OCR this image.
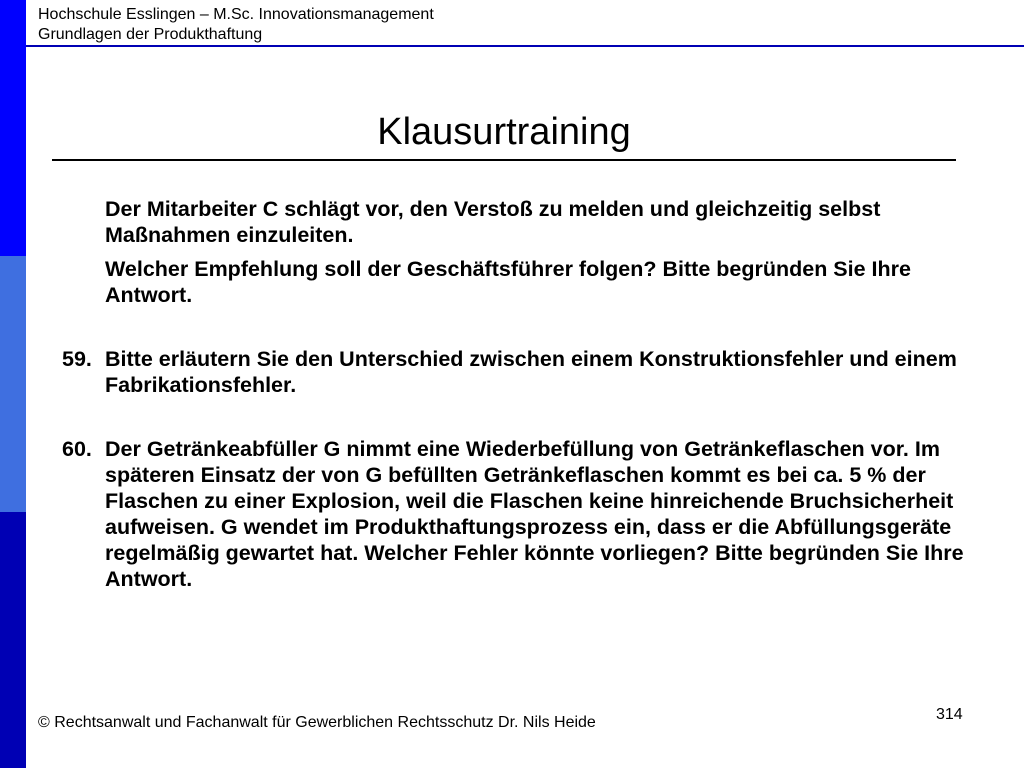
Hochschule Esslingen – M.Sc. Innovationsmanagement
Grundlagen der Produkthaftung
Klausurtraining
Der Mitarbeiter C schlägt vor, den Verstoß zu melden und gleichzeitig selbst Maßnahmen einzuleiten.
Welcher Empfehlung soll der Geschäftsführer folgen? Bitte begründen Sie Ihre Antwort.
59. Bitte erläutern Sie den Unterschied zwischen einem Konstruktionsfehler und einem Fabrikationsfehler.
60. Der Getränkeabfüller G nimmt eine Wiederbefüllung von Getränkeflaschen vor. Im späteren Einsatz der von G befüllten Getränkeflaschen kommt es bei ca. 5 % der Flaschen zu einer Explosion, weil die Flaschen keine hinreichende Bruchsicherheit aufweisen. G wendet im Produkthaftungsprozess ein, dass er die Abfüllungsgeräte regelmäßig gewartet hat. Welcher Fehler könnte vorliegen? Bitte begründen Sie Ihre Antwort.
© Rechtsanwalt und Fachanwalt für Gewerblichen Rechtsschutz Dr. Nils Heide	314
